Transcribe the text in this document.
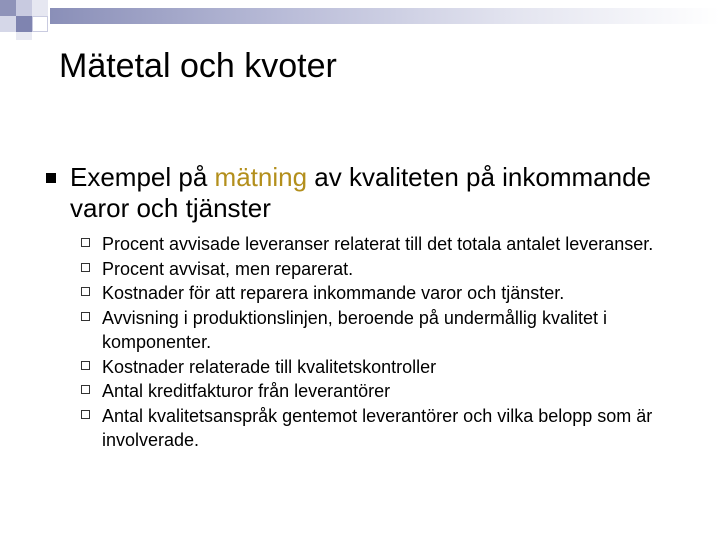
Mätetal och kvoter
Exempel på mätning av kvaliteten på inkommande varor och tjänster
Procent avvisade leveranser relaterat till det totala antalet leveranser.
Procent avvisat, men reparerat.
Kostnader för att reparera inkommande varor och tjänster.
Avvisning i produktionslinjen, beroende på undermållig kvalitet i komponenter.
Kostnader relaterade till kvalitetskontroller
Antal kreditfakturor från leverantörer
Antal kvalitetsanspråk gentemot leverantörer och vilka belopp som är involverade.
